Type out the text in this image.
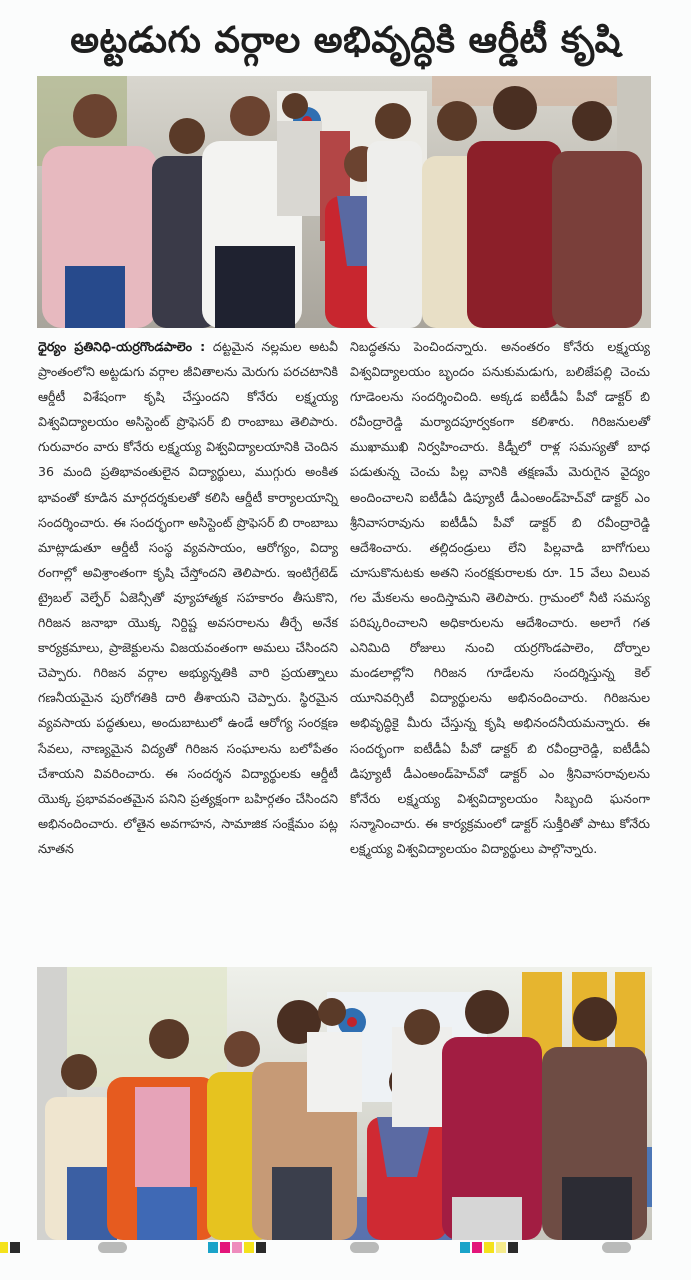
అట్టడుగు వర్గాల అభివృద్ధికి ఆర్డీటీ కృషి

ధైర్యం ప్రతినిధి-యర్రగొండపాలెం : దట్టమైన నల్లమల అటవీ ప్రాంతంలోని అట్టడుగు వర్గాల జీవితాలను మెరుగు పరచటానికి ఆర్డీటీ విశేషంగా కృషి చేస్తుందని కోనేరు లక్ష్మయ్య విశ్వవిద్యాలయం అసిస్టెంట్ ప్రొఫెసర్ బి రాంబాబు తెలిపారు. గురువారం వారు కోనేరు లక్ష్మయ్య విశ్వవిద్యాలయానికి చెందిన 36 మంది ప్రతిభావంతులైన విద్యార్థులు, ముగ్గురు అంకిత భావంతో కూడిన మార్గదర్శకులతో కలిసి ఆర్డీటీ కార్యాలయాన్ని సందర్శించారు. ఈ సందర్భంగా అసిస్టెంట్ ప్రొఫెసర్ బి రాంబాబు మాట్లాడుతూ ఆర్డీటీ సంస్థ వ్యవసాయం, ఆరోగ్యం, విద్యా రంగాల్లో అవిశ్రాంతంగా కృషి చేస్తోందని తెలిపారు. ఇంటిగ్రేటెడ్ ట్రైబల్ వెల్ఫేర్ ఏజెన్సీతో వ్యూహాత్మక సహకారం తీసుకొని, గిరిజన జనాభా యొక్క నిర్దిష్ట అవసరాలను తీర్చే అనేక కార్యక్రమాలు, ప్రాజెక్టులను విజయవంతంగా అమలు చేసిందని చెప్పారు. గిరిజన వర్గాల అభ్యున్నతికి వారి ప్రయత్నాలు గణనీయమైన పురోగతికి దారి తీశాయని చెప్పారు. స్థిరమైన వ్యవసాయ పద్ధతులు, అందుబాటులో ఉండే ఆరోగ్య సంరక్షణ సేవలు, నాణ్యమైన విద్యతో గిరిజన సంఘాలను బలోపేతం చేశాయని వివరించారు. ఈ సందర్శన విద్యార్థులకు ఆర్డీటీ యొక్క ప్రభావవంతమైన పనిని ప్రత్యక్షంగా బహిర్గతం చేసిందని అభినందించారు. లోతైన అవగాహన, సామాజిక సంక్షేమం పట్ల నూతన

నిబద్ధతను పెంచిందన్నారు. అనంతరం కోనేరు లక్ష్మయ్య విశ్వవిద్యాలయం బృందం పనుకుమడుగు, బలిజేపల్లి చెంచు గూడెంలను సందర్శించింది. అక్కడ ఐటీడీఏ పీవో డాక్టర్ బి రవీంద్రారెడ్డి మర్యాదపూర్వకంగా కలిశారు. గిరిజనులతో ముఖాముఖి నిర్వహించారు. కిడ్నీలో రాళ్ల సమస్యతో బాధ పడుతున్న చెంచు పిల్ల వానికి తక్షణమే మెరుగైన వైద్యం అందించాలని ఐటీడీఏ డిప్యూటీ డీఎంఅండ్‌హెచ్‌వో డాక్టర్ ఎం శ్రీనివాసరావును ఐటీడీఏ పీవో డాక్టర్ బి రవీంద్రారెడ్డి ఆదేశించారు. తల్లిదండ్రులు లేని పిల్లవాడి బాగోగులు చూసుకొనుటకు అతని సంరక్షకురాలకు రూ. 15 వేలు విలువ గల మేకలను అందిస్తామని తెలిపారు. గ్రామంలో నీటి సమస్య పరిష్కరించాలని అధికారులను ఆదేశించారు. అలాగే గత ఎనిమిది రోజులు నుంచి యర్రగొండపాలెం, దోర్నాల మండలాల్లోని గిరిజన గూడేలను సందర్శిస్తున్న కెల్ యూనివర్సిటీ విద్యార్థులను అభినందించారు. గిరిజనుల అభివృద్ధికై మీరు చేస్తున్న కృషి అభినందనీయమన్నారు. ఈ సందర్భంగా ఐటీడీఏ పీవో డాక్టర్ బి రవీంద్రారెడ్డి, ఐటీడీఏ డిప్యూటీ డీఎంఅండ్‌హెచ్‌వో డాక్టర్ ఎం శ్రీనివాసరావులను కోనేరు లక్ష్మయ్య విశ్వవిద్యాలయం సిబ్బంది ఘనంగా సన్మానించారు. ఈ కార్యక్రమంలో డాక్టర్ సుక్తీరితో పాటు కోనేరు లక్ష్మయ్య విశ్వవిద్యాలయం విద్యార్థులు పాల్గొన్నారు.
